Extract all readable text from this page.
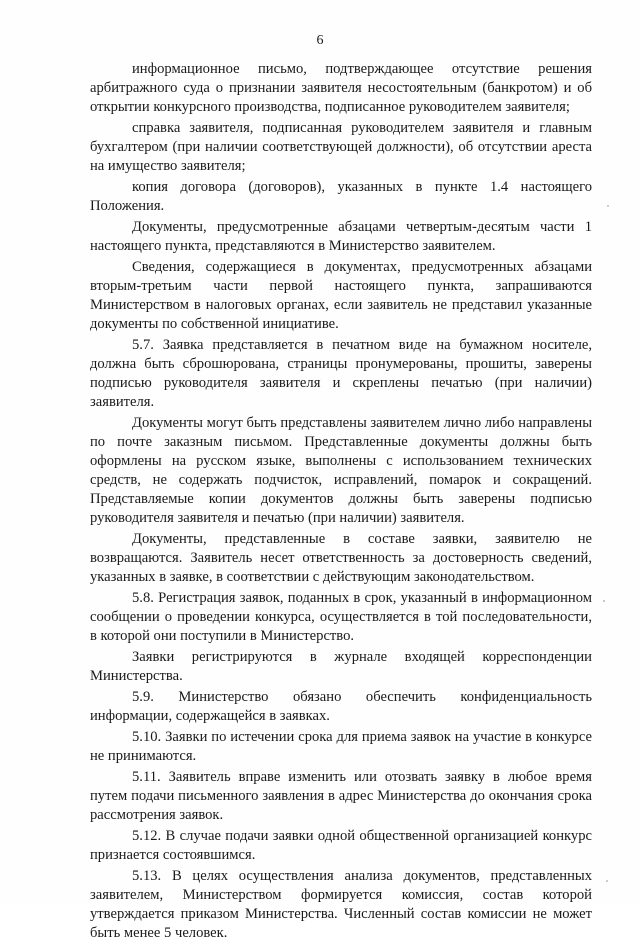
6

информационное письмо, подтверждающее отсутствие решения арбитражного суда о признании заявителя несостоятельным (банкротом) и об открытии конкурсного производства, подписанное руководителем заявителя;

справка заявителя, подписанная руководителем заявителя и главным бухгалтером (при наличии соответствующей должности), об отсутствии ареста на имущество заявителя;

копия договора (договоров), указанных в пункте 1.4 настоящего Положения.

Документы, предусмотренные абзацами четвертым-десятым части 1 настоящего пункта, представляются в Министерство заявителем.

Сведения, содержащиеся в документах, предусмотренных абзацами вторым-третьим части первой настоящего пункта, запрашиваются Министерством в налоговых органах, если заявитель не представил указанные документы по собственной инициативе.

5.7. Заявка представляется в печатном виде на бумажном носителе, должна быть сброшюрована, страницы пронумерованы, прошиты, заверены подписью руководителя заявителя и скреплены печатью (при наличии) заявителя.

Документы могут быть представлены заявителем лично либо направлены по почте заказным письмом. Представленные документы должны быть оформлены на русском языке, выполнены с использованием технических средств, не содержать подчисток, исправлений, помарок и сокращений. Представляемые копии документов должны быть заверены подписью руководителя заявителя и печатью (при наличии) заявителя.

Документы, представленные в составе заявки, заявителю не возвращаются. Заявитель несет ответственность за достоверность сведений, указанных в заявке, в соответствии с действующим законодательством.

5.8. Регистрация заявок, поданных в срок, указанный в информационном сообщении о проведении конкурса, осуществляется в той последовательности, в которой они поступили в Министерство.

Заявки регистрируются в журнале входящей корреспонденции Министерства.

5.9. Министерство обязано обеспечить конфиденциальность информации, содержащейся в заявках.

5.10. Заявки по истечении срока для приема заявок на участие в конкурсе не принимаются.

5.11. Заявитель вправе изменить или отозвать заявку в любое время путем подачи письменного заявления в адрес Министерства до окончания срока рассмотрения заявок.

5.12. В случае подачи заявки одной общественной организацией конкурс признается состоявшимся.

5.13. В целях осуществления анализа документов, представленных заявителем, Министерством формируется комиссия, состав которой утверждается приказом Министерства. Численный состав комиссии не может быть менее 5 человек.
